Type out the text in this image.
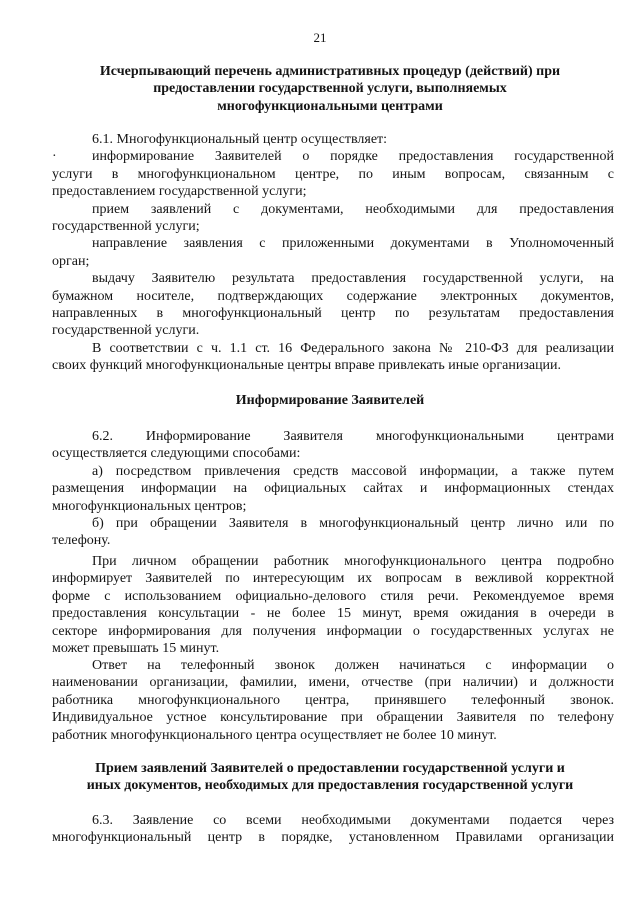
21
Исчерпывающий перечень административных процедур (действий) при
предоставлении государственной услуги, выполняемых
многофункциональными центрами
·
6.1. Многофункциональный центр осуществляет:
информирование Заявителей о порядке предоставления государственной
услуги в многофункциональном центре, по иным вопросам, связанным с
предоставлением государственной услуги;
прием заявлений с документами, необходимыми для предоставления
государственной услуги;
направление заявления с приложенными документами в Уполномоченный
орган;
выдачу Заявителю результата предоставления государственной услуги, на
бумажном носителе, подтверждающих содержание электронных документов,
направленных в многофункциональный центр по результатам предоставления
государственной услуги.
В соответствии с ч. 1.1 ст. 16 Федерального закона № 210-ФЗ для реализации
своих функций многофункциональные центры вправе привлекать иные организации.
Информирование Заявителей
6.2. Информирование Заявителя многофункциональными центрами
осуществляется следующими способами:
а) посредством привлечения средств массовой информации, а также путем
размещения информации на официальных сайтах и информационных стендах
многофункциональных центров;
б) при обращении Заявителя в многофункциональный центр лично или по
телефону.
При личном обращении работник многофункционального центра подробно
информирует Заявителей по интересующим их вопросам в вежливой корректной
форме с использованием официально-делового стиля речи. Рекомендуемое время
предоставления консультации - не более 15 минут, время ожидания в очереди в
секторе информирования для получения информации о государственных услугах не
может превышать 15 минут.
Ответ на телефонный звонок должен начинаться с информации о
наименовании организации, фамилии, имени, отчестве (при наличии) и должности
работника многофункционального центра, принявшего телефонный звонок.
Индивидуальное устное консультирование при обращении Заявителя по телефону
работник многофункционального центра осуществляет не более 10 минут.
Прием заявлений Заявителей о предоставлении государственной услуги и
иных документов, необходимых для предоставления государственной услуги
6.3. Заявление со всеми необходимыми документами подается через
многофункциональный центр в порядке, установленном Правилами организации
